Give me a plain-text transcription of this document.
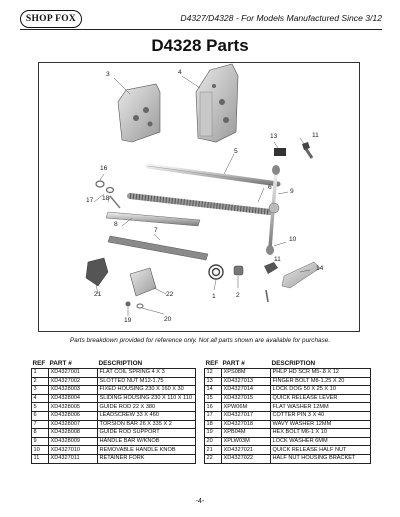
SHOP FOX	D4327/D4328 - For Models Manufactured Since 3/12
D4328 Parts
3	4
13	11
5
16
6
9
17 18
8
7
10
11
14
21	22	1	2
19	20
Parts breakdown provided for reference only. Not all parts shown are available for purchase.
REF	PART #	DESCRIPTION
1	XD4327001	FLAT COIL SPRING 4 X 3
2	XD4327002	SLOTTED NUT M12-1.75
3	XD4328003	FIXED HOUSING 230 X 160 X 30
4	XD4328004	SLIDING HOUSING 230 X 110 X 110
5	XD4328005	GUIDE ROD 22 X 380
6	XD4328006	LEADSCREW 33 X 460
7	XD4328007	TORSION BAR 26 X 335 X 2
8	XD4328008	GUIDE ROD SUPPORT
9	XD4328009	HANDLE BAR W/KNOB
10	XD4327010	REMOVABLE HANDLE KNOB
11	XD4327011	RETAINER FORK
REF	PART #	DESCRIPTION
12	XPS08M	PHLP HD SCR M5-.8 X 12
13	XD4327013	FINGER BOLT M8-1.25 X 20
14	XD4327014	LOCK DOG 50 X 25 X 10
15	XD4327015	QUICK RELEASE LEVER
16	XPW06M	FLAT WASHER 12MM
17	XD4327017	COTTER PIN 3 X 40
18	XD4327018	WAVY WASHER 12MM
19	XPB04M	HEX BOLT M6-1 X 10
20	XPLW03M	LOCK WASHER 6MM
21	XD4327021	QUICK RELEASE HALF NUT
22	XD4327022	HALF NUT HOUSING BRACKET
-4-
